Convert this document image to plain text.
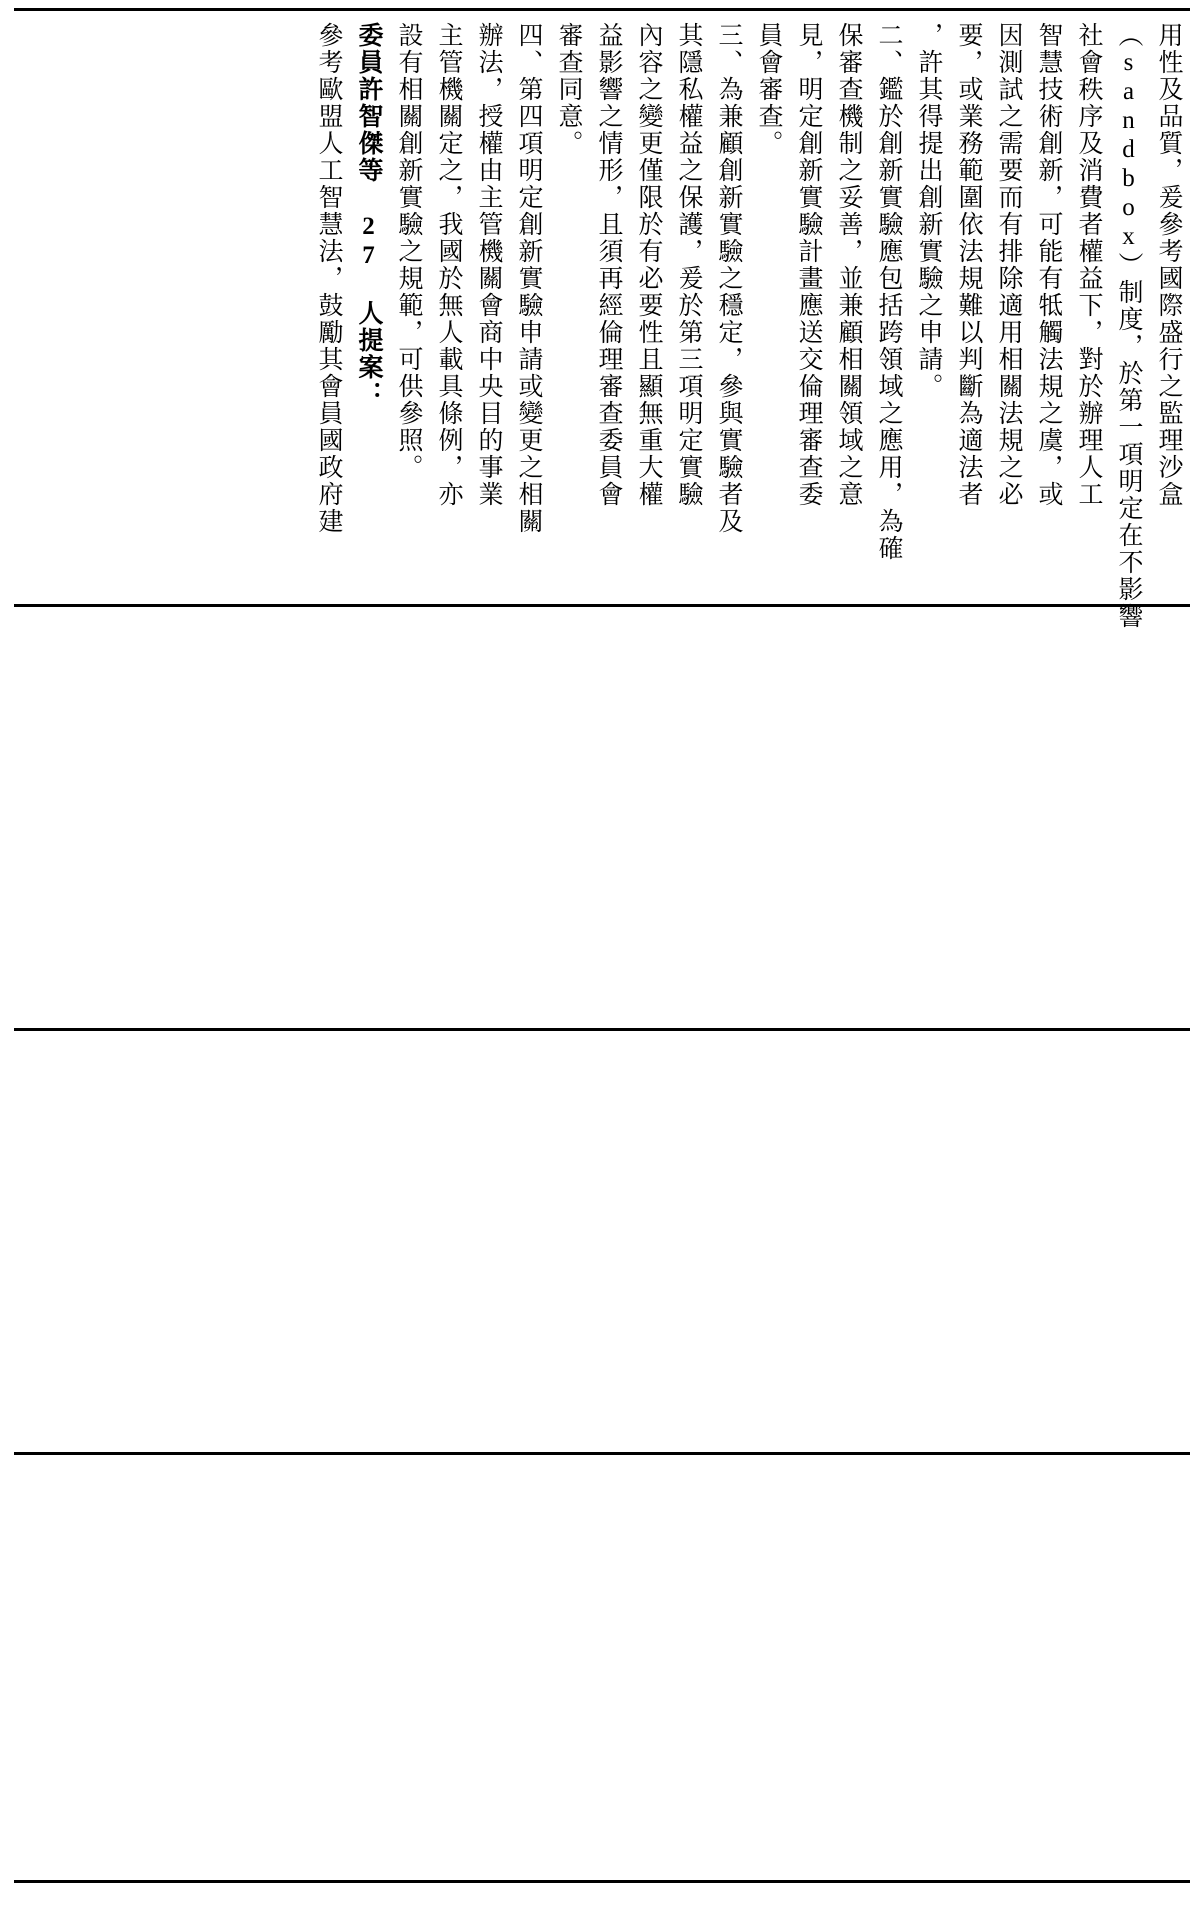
用性及品質，爰參考國際盛行之監理沙盒
（sandbox）制度，於第一項明定在不影響
社會秩序及消費者權益下，對於辦理人工
智慧技術創新，可能有牴觸法規之虞，或
因測試之需要而有排除適用相關法規之必
要，或業務範圍依法規難以判斷為適法者
，許其得提出創新實驗之申請。
二、鑑於創新實驗應包括跨領域之應用，為確
保審查機制之妥善，並兼顧相關領域之意
見，明定創新實驗計畫應送交倫理審查委
員會審查。
三、為兼顧創新實驗之穩定，參與實驗者及
其隱私權益之保護，爰於第三項明定實驗
內容之變更僅限於有必要性且顯無重大權
益影響之情形，且須再經倫理審查委員會
審查同意。
四、第四項明定創新實驗申請或變更之相關
辦法，授權由主管機關會商中央目的事業
主管機關定之，我國於無人載具條例，亦
設有相關創新實驗之規範，可供參照。
委員許智傑等 27 人提案：
參考歐盟人工智慧法，鼓勵其會員國政府建
